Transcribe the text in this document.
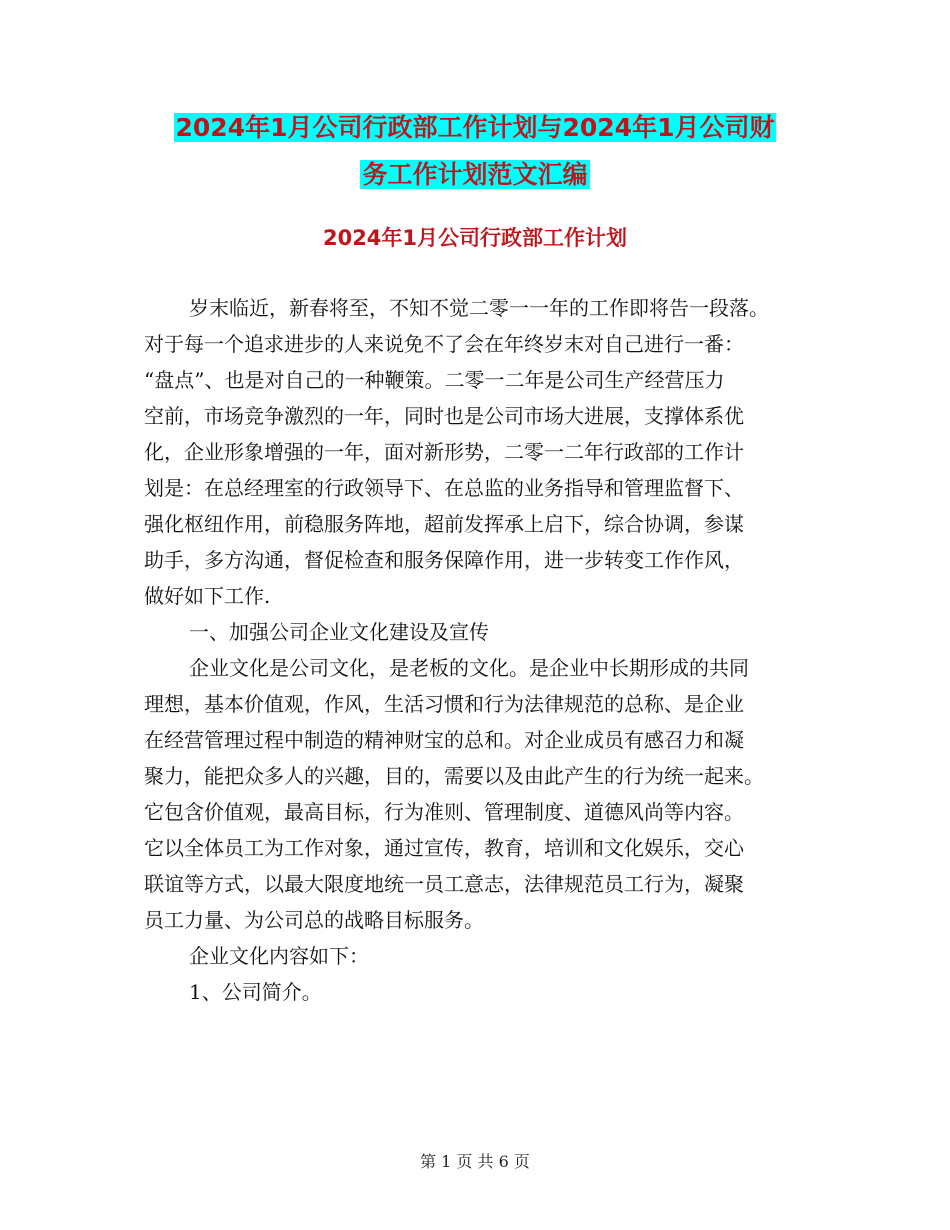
2024年1月公司行政部工作计划与2024年1月公司财
务工作计划范文汇编
2024年1月公司行政部工作计划
岁末临近，新春将至，不知不觉二零一一年的工作即将告一段落。
对于每一个追求进步的人来说免不了会在年终岁末对自己进行一番：
“盘点”、也是对自己的一种鞭策。二零一二年是公司生产经营压力
空前，市场竞争激烈的一年，同时也是公司市场大进展，支撑体系优
化，企业形象增强的一年，面对新形势，二零一二年行政部的工作计
划是：在总经理室的行政领导下、在总监的业务指导和管理监督下、
强化枢纽作用，前稳服务阵地，超前发挥承上启下，综合协调，参谋
助手，多方沟通，督促检查和服务保障作用，进一步转变工作作风，
做好如下工作.
一、加强公司企业文化建设及宣传
企业文化是公司文化，是老板的文化。是企业中长期形成的共同
理想，基本价值观，作风，生活习惯和行为法律规范的总称、是企业
在经营管理过程中制造的精神财宝的总和。对企业成员有感召力和凝
聚力，能把众多人的兴趣，目的，需要以及由此产生的行为统一起来。
它包含价值观，最高目标，行为准则、管理制度、道德风尚等内容。
它以全体员工为工作对象，通过宣传，教育，培训和文化娱乐，交心
联谊等方式，以最大限度地统一员工意志，法律规范员工行为，凝聚
员工力量、为公司总的战略目标服务。
企业文化内容如下：
1、公司简介。
第 1 页 共 6 页
